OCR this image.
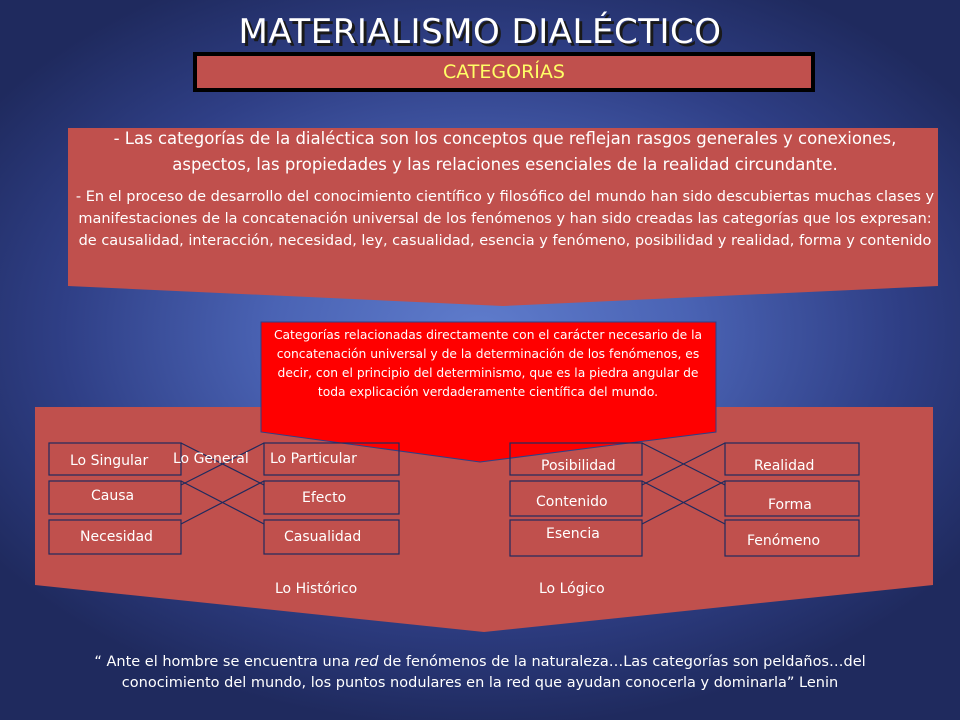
MATERIALISMO DIALÉCTICO
CATEGORÍAS

- Las categorías de la dialéctica son los conceptos que reflejan rasgos generales y conexiones, aspectos, las propiedades y las relaciones esenciales de la realidad circundante.

- En el proceso de desarrollo del conocimiento científico y filosófico del mundo han sido descubiertas muchas clases y manifestaciones de la concatenación universal de los fenómenos y han sido creadas las categorías que los expresan: de causalidad, interacción, necesidad, ley, casualidad, esencia y fenómeno, posibilidad y realidad, forma y contenido

Categorías relacionadas directamente con el carácter necesario de la concatenación universal y de la determinación de los fenómenos, es decir, con el principio del determinismo, que es la piedra angular de toda explicación verdaderamente científica del mundo.
Lo Singular Lo General Lo Particular
Causa	Efecto
Necesidad	Casualidad
Lo Histórico
Posibilidad	Realidad
Contenido	Forma
Esencia	Fenómeno
Lo Lógico
“ Ante el hombre se encuentra una red de fenómenos de la naturaleza…Las categorías son peldaños…del conocimiento del mundo, los puntos nodulares en la red que ayudan conocerla y dominarla” Lenin
